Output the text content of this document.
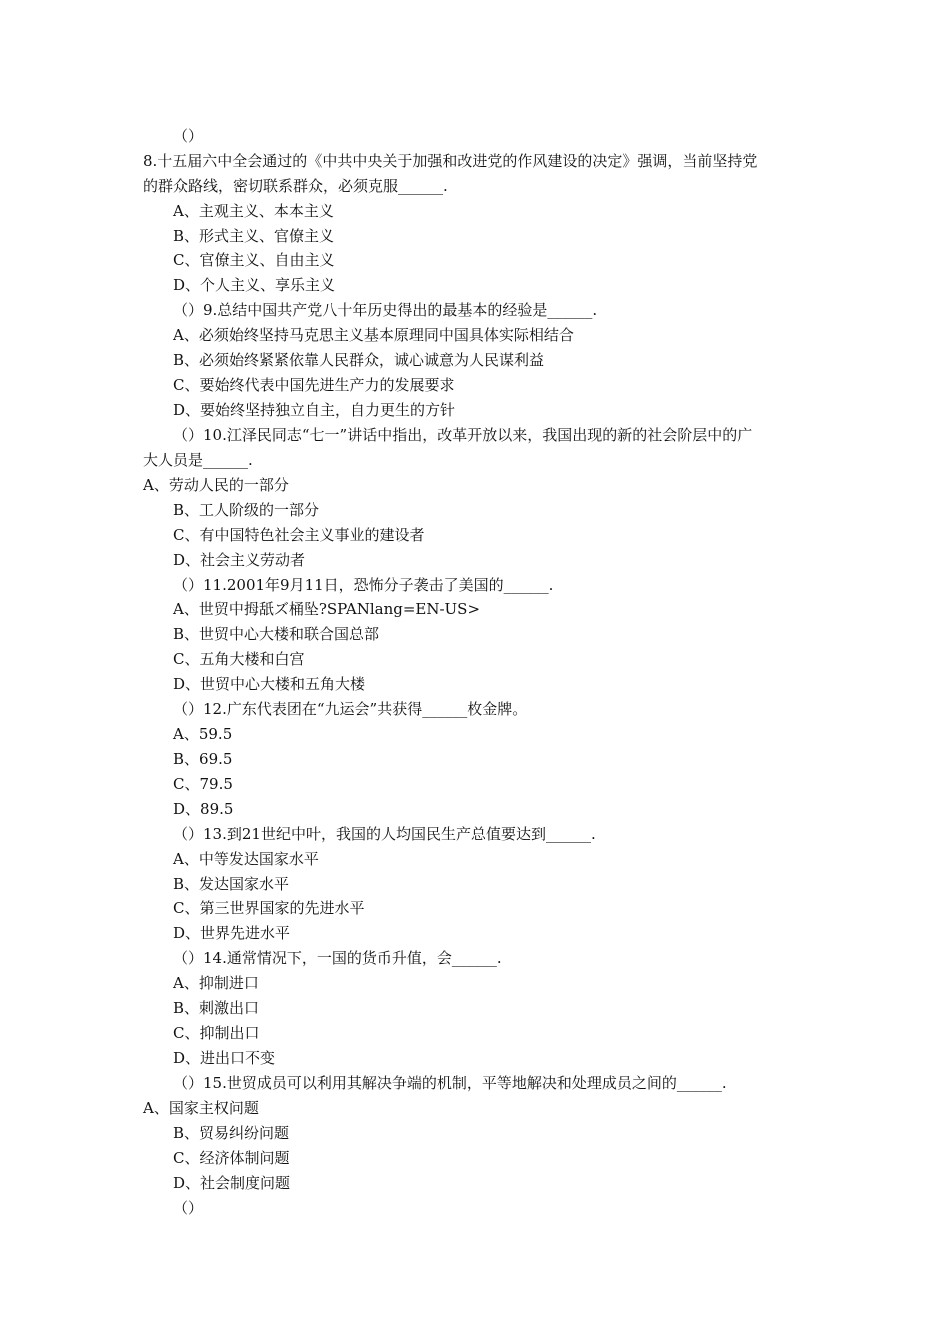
（）
8.十五届六中全会通过的《中共中央关于加强和改进党的作风建设的决定》强调，当前坚持党
的群众路线，密切联系群众，必须克服______.
A、主观主义、本本主义
B、形式主义、官僚主义
C、官僚主义、自由主义
D、个人主义、享乐主义
（）9.总结中国共产党八十年历史得出的最基本的经验是______.
A、必须始终坚持马克思主义基本原理同中国具体实际相结合
B、必须始终紧紧依靠人民群众，诚心诚意为人民谋利益
C、要始终代表中国先进生产力的发展要求
D、要始终坚持独立自主，自力更生的方针
（）10.江泽民同志“七一”讲话中指出，改革开放以来，我国出现的新的社会阶层中的广
大人员是______.
A、劳动人民的一部分
B、工人阶级的一部分
C、有中国特色社会主义事业的建设者
D、社会主义劳动者
（）11.2001年9月11日，恐怖分子袭击了美国的______.
A、世贸中拇舐ズ桶坠?SPANlang=EN-US>
B、世贸中心大楼和联合国总部
C、五角大楼和白宫
D、世贸中心大楼和五角大楼
（）12.广东代表团在“九运会”共获得______枚金牌。
A、59.5
B、69.5
C、79.5
D、89.5
（）13.到21世纪中叶，我国的人均国民生产总值要达到______.
A、中等发达国家水平
B、发达国家水平
C、第三世界国家的先进水平
D、世界先进水平
（）14.通常情况下，一国的货币升值，会______.
A、抑制进口
B、刺激出口
C、抑制出口
D、进出口不变
（）15.世贸成员可以利用其解决争端的机制，平等地解决和处理成员之间的______.
A、国家主权问题
B、贸易纠纷问题
C、经济体制问题
D、社会制度问题
（）
